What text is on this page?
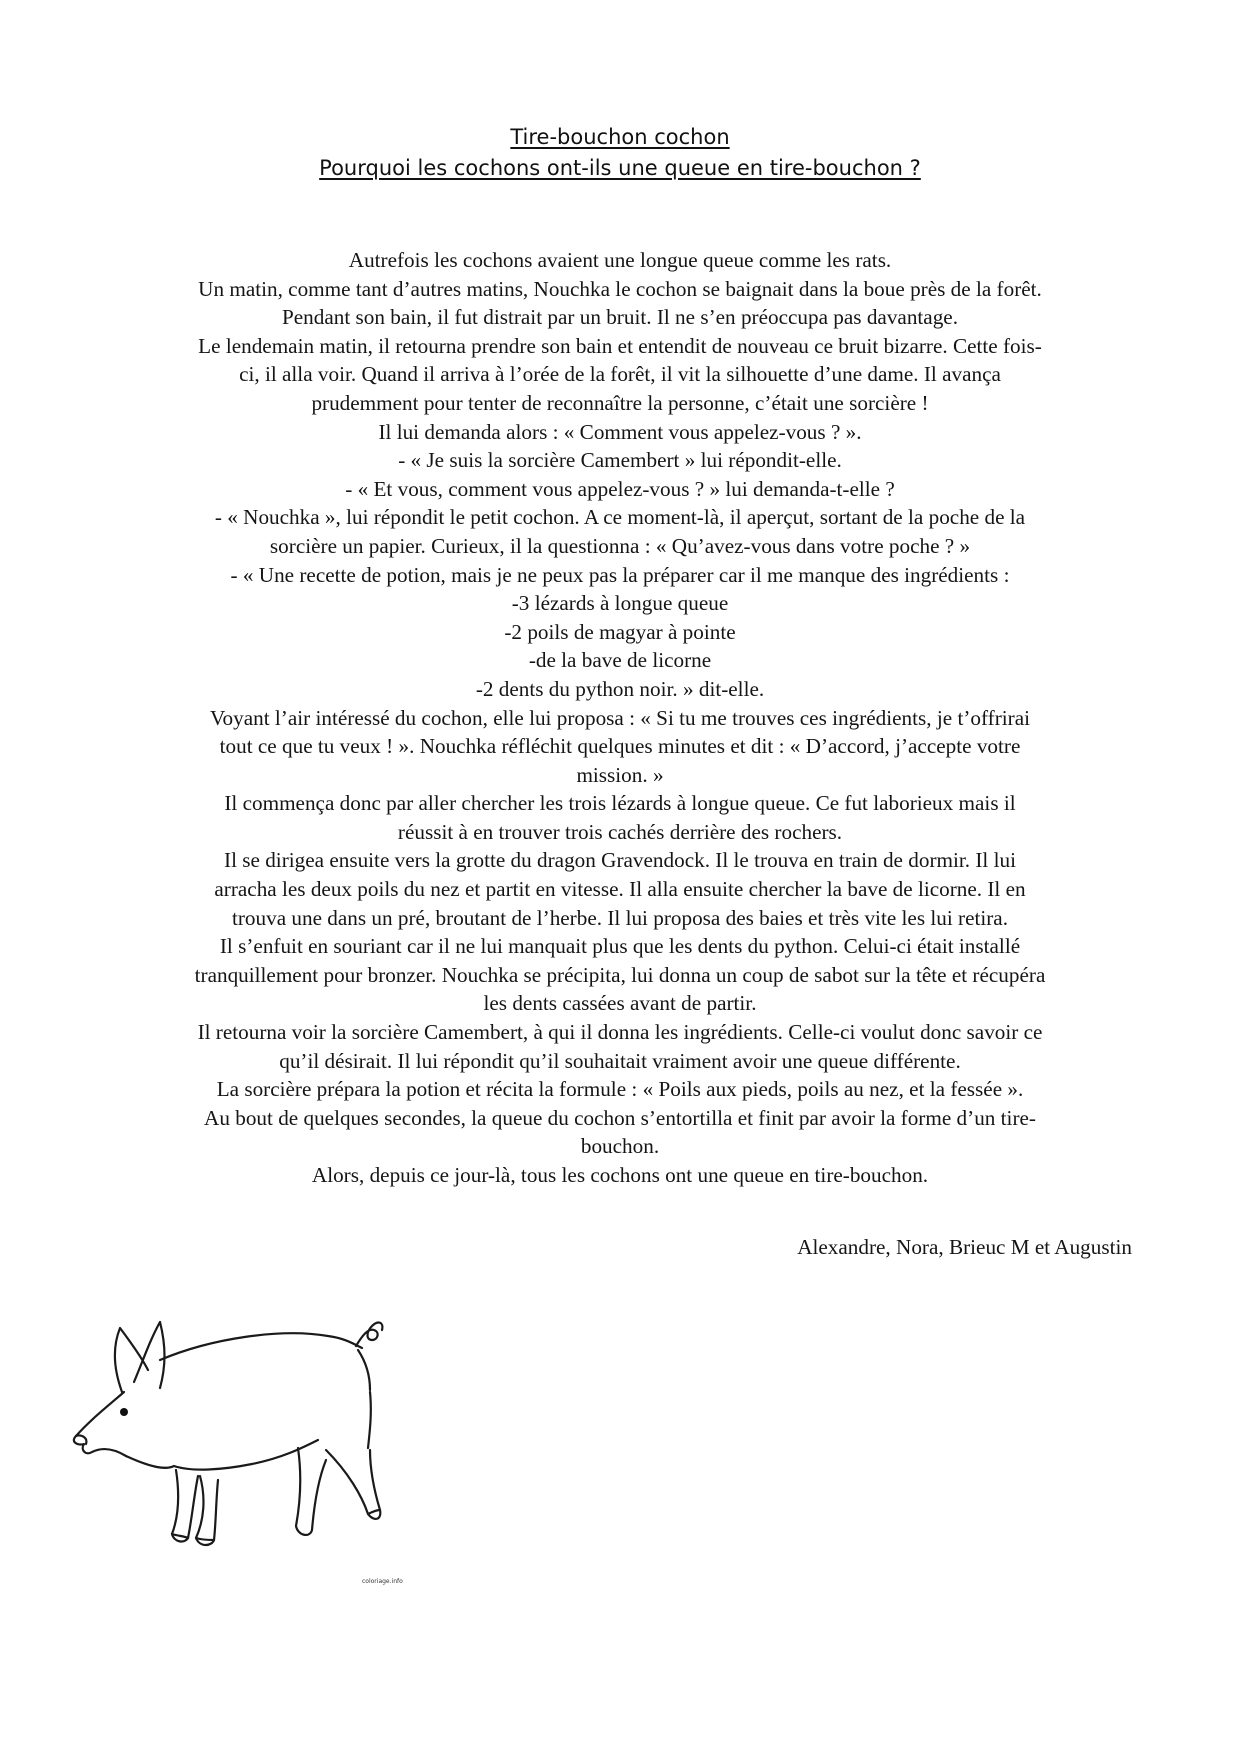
Tire-bouchon cochon
Pourquoi les cochons ont-ils une queue en tire-bouchon ?

Autrefois les cochons avaient une longue queue comme les rats.

Un matin, comme tant d’autres matins, Nouchka le cochon se baignait dans la boue près de la forêt.

Pendant son bain, il fut distrait par un bruit. Il ne s’en préoccupa pas davantage.

Le lendemain matin, il retourna prendre son bain et entendit de nouveau ce bruit bizarre. Cette fois-

ci, il alla voir. Quand il arriva à l’orée de la forêt, il vit la silhouette d’une dame. Il avança

prudemment pour tenter de reconnaître la personne, c’était une sorcière !

Il lui demanda alors : « Comment vous appelez-vous ? ».

- « Je suis la sorcière Camembert » lui répondit-elle.

- « Et vous, comment vous appelez-vous ? » lui demanda-t-elle ?

- « Nouchka », lui répondit le petit cochon. A ce moment-là, il aperçut, sortant de la poche de la

sorcière un papier. Curieux, il la questionna : « Qu’avez-vous dans votre poche ? »

- « Une recette de potion, mais je ne peux pas la préparer car il me manque des ingrédients :

-3 lézards à longue queue

-2 poils de magyar à pointe

-de la bave de licorne

-2 dents du python noir. » dit-elle.

Voyant l’air intéressé du cochon, elle lui proposa : « Si tu me trouves ces ingrédients, je t’offrirai

tout ce que tu veux ! ». Nouchka réfléchit quelques minutes et dit : « D’accord, j’accepte votre

mission. »

Il commença donc par aller chercher les trois lézards à longue queue. Ce fut laborieux mais il

réussit à en trouver trois cachés derrière des rochers.

Il se dirigea ensuite vers la grotte du dragon Gravendock. Il le trouva en train de dormir. Il lui

arracha les deux poils du nez et partit en vitesse. Il alla ensuite chercher la bave de licorne. Il en

trouva une dans un pré, broutant de l’herbe. Il lui proposa des baies et très vite les lui retira.

Il s’enfuit en souriant car il ne lui manquait plus que les dents du python. Celui-ci était installé

tranquillement pour bronzer. Nouchka se précipita, lui donna un coup de sabot sur la tête et récupéra

les dents cassées avant de partir.

Il retourna voir la sorcière Camembert, à qui il donna les ingrédients. Celle-ci voulut donc savoir ce

qu’il désirait. Il lui répondit qu’il souhaitait vraiment avoir une queue différente.

La sorcière prépara la potion et récita la formule : « Poils aux pieds, poils au nez, et la fessée ».

Au bout de quelques secondes, la queue du cochon s’entortilla et finit par avoir la forme d’un tire-

bouchon.

Alors, depuis ce jour-là, tous les cochons ont une queue en tire-bouchon.

Alexandre, Nora, Brieuc M et Augustin
coloriage.info
